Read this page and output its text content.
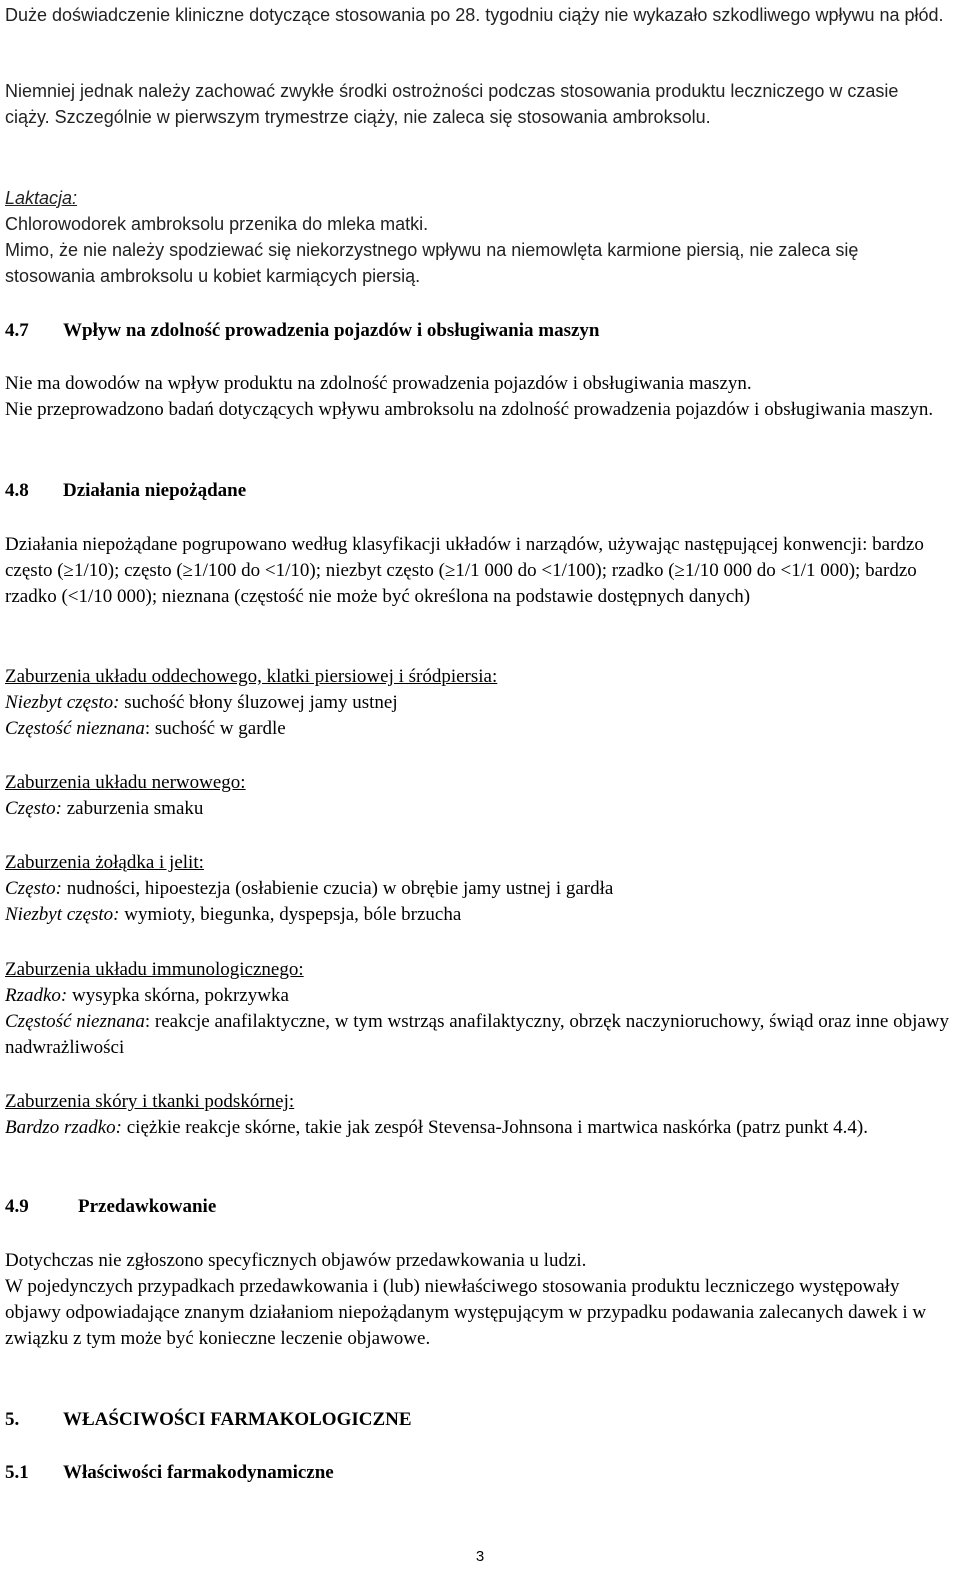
Duże doświadczenie kliniczne dotyczące stosowania po 28. tygodniu ciąży nie wykazało szkodliwego wpływu na płód.

Niemniej jednak należy zachować zwykłe środki ostrożności podczas stosowania produktu leczniczego w czasie ciąży. Szczególnie w pierwszym trymestrze ciąży, nie zaleca się stosowania ambroksolu.

Laktacja:

Chlorowodorek ambroksolu przenika do mleka matki.

Mimo, że nie należy spodziewać się niekorzystnego wpływu na niemowlęta karmione piersią, nie zaleca się stosowania ambroksolu u kobiet karmiących piersią.

4.7 Wpływ na zdolność prowadzenia pojazdów i obsługiwania maszyn

Nie ma dowodów na wpływ produktu na zdolność prowadzenia pojazdów i obsługiwania maszyn.

Nie przeprowadzono badań dotyczących wpływu ambroksolu na zdolność prowadzenia pojazdów i obsługiwania maszyn.

4.8 Działania niepożądane

Działania niepożądane pogrupowano według klasyfikacji układów i narządów, używając następującej konwencji: bardzo często (≥1/10); często (≥1/100 do <1/10); niezbyt często (≥1/1 000 do <1/100); rzadko (≥1/10 000 do <1/1 000); bardzo rzadko (<1/10 000); nieznana (częstość nie może być określona na podstawie dostępnych danych)

Zaburzenia układu oddechowego, klatki piersiowej i śródpiersia:

Niezbyt często: suchość błony śluzowej jamy ustnej

Częstość nieznana: suchość w gardle

Zaburzenia układu nerwowego:

Często: zaburzenia smaku

Zaburzenia żołądka i jelit:

Często: nudności, hipoestezja (osłabienie czucia) w obrębie jamy ustnej i gardła

Niezbyt często: wymioty, biegunka, dyspepsja, bóle brzucha

Zaburzenia układu immunologicznego:

Rzadko: wysypka skórna, pokrzywka

Częstość nieznana: reakcje anafilaktyczne, w tym wstrząs anafilaktyczny, obrzęk naczynioruchowy, świąd oraz inne objawy nadwrażliwości

Zaburzenia skóry i tkanki podskórnej:

Bardzo rzadko: ciężkie reakcje skórne, takie jak zespół Stevensa-Johnsona i martwica naskórka (patrz punkt 4.4).

4.9	Przedawkowanie

Dotychczas nie zgłoszono specyficznych objawów przedawkowania u ludzi.

W pojedynczych przypadkach przedawkowania i (lub) niewłaściwego stosowania produktu leczniczego występowały objawy odpowiadające znanym działaniom niepożądanym występującym w przypadku podawania zalecanych dawek i w związku z tym może być konieczne leczenie objawowe.

5. WŁAŚCIWOŚCI FARMAKOLOGICZNE

5.1 Właściwości farmakodynamiczne

3
